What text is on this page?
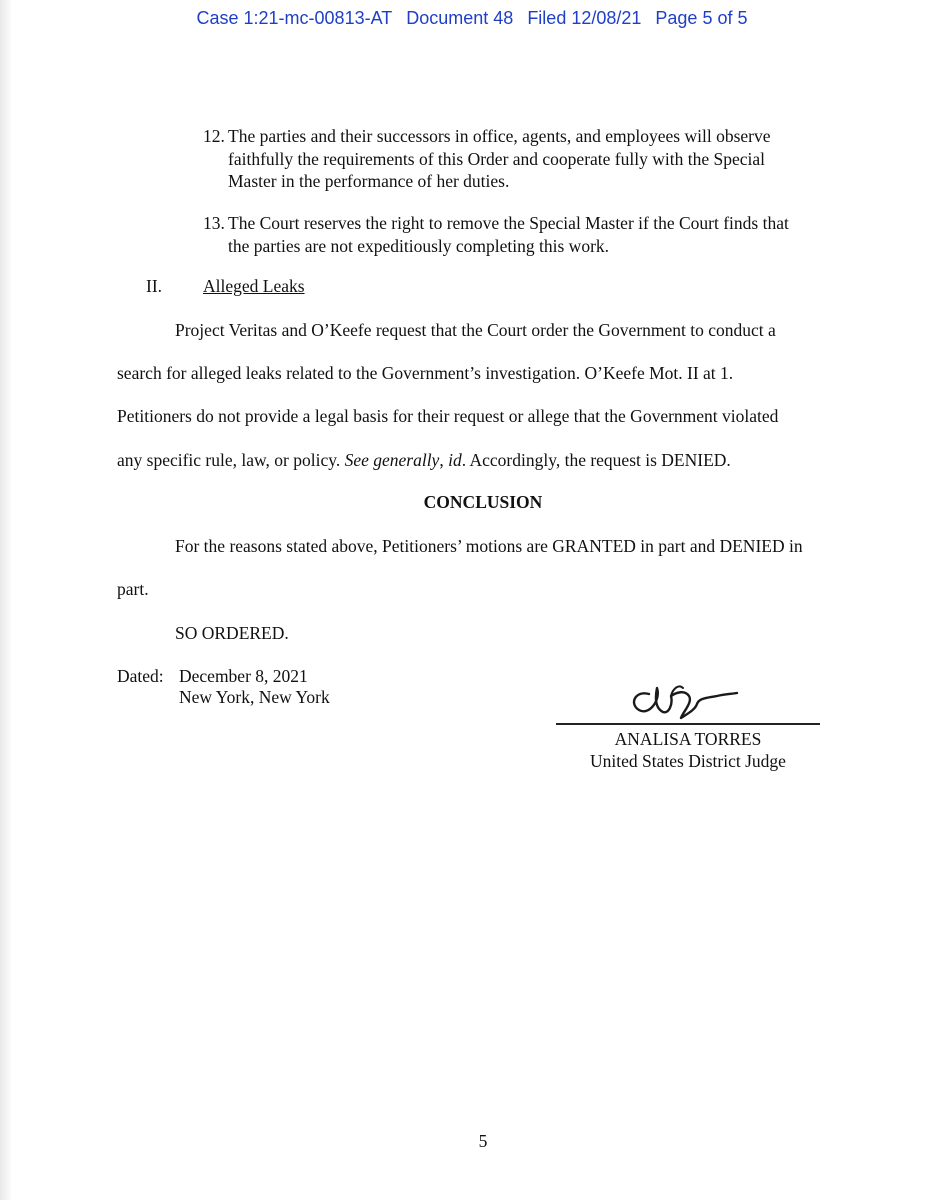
Case 1:21-mc-00813-AT Document 48 Filed 12/08/21 Page 5 of 5
12. The parties and their successors in office, agents, and employees will observe
faithfully the requirements of this Order and cooperate fully with the Special
Master in the performance of her duties.
13. The Court reserves the right to remove the Special Master if the Court finds that
the parties are not expeditiously completing this work.
II. Alleged Leaks
Project Veritas and O’Keefe request that the Court order the Government to conduct a
search for alleged leaks related to the Government’s investigation. O’Keefe Mot. II at 1.
Petitioners do not provide a legal basis for their request or allege that the Government violated
any specific rule, law, or policy. See generally, id. Accordingly, the request is DENIED.
CONCLUSION
For the reasons stated above, Petitioners’ motions are GRANTED in part and DENIED in
part.
SO ORDERED.
Dated: December 8, 2021
New York, New York
ANALISA TORRES
United States District Judge
5
